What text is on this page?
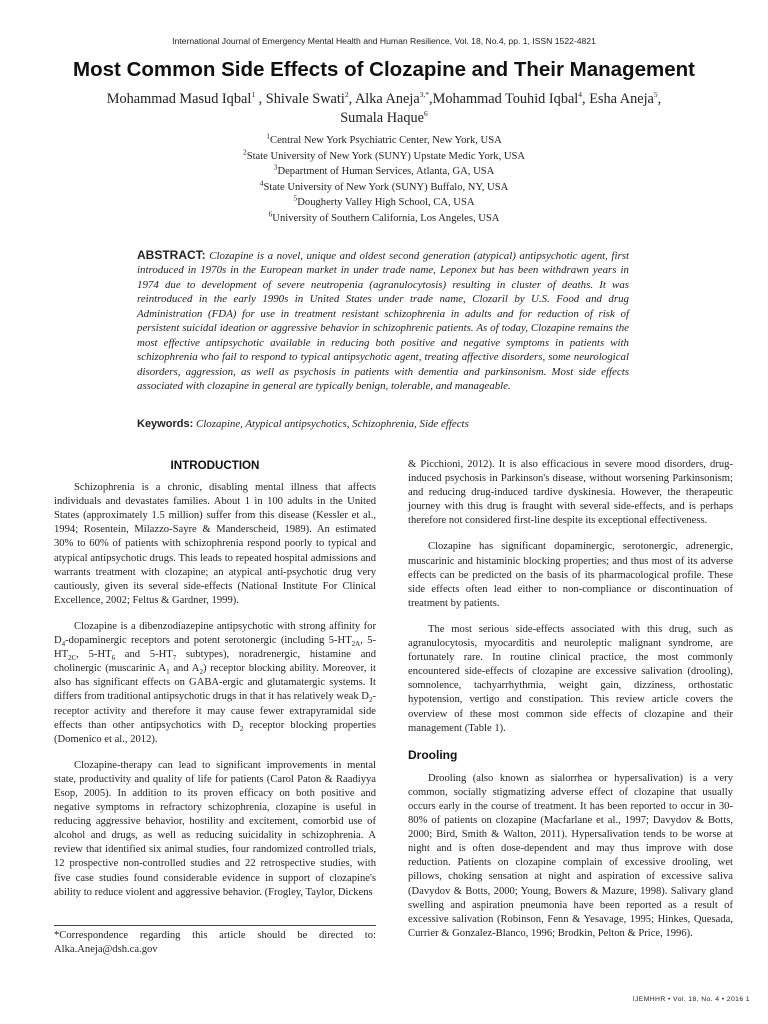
International Journal of Emergency Mental Health and Human Resilience, Vol. 18, No.4, pp. 1, ISSN 1522-4821
Most Common Side Effects of Clozapine and Their Management
Mohammad Masud Iqbal$^1$ , Shivale Swati$^2$, Alka Aneja$^{3,*}$,Mohammad Touhid Iqbal$^4$, Esha Aneja$^5$,
Sumala Haque$^6$
$^1$Central New York Psychiatric Center, New York, USA
$^2$State University of New York (SUNY) Upstate Medic York, USA
$^3$Department of Human Services, Atlanta, GA, USA
$^4$State University of New York (SUNY) Buffalo, NY, USA
$^5$Dougherty Valley High School, CA, USA
$^6$University of Southern California, Los Angeles, USA
ABSTRACT: Clozapine is a novel, unique and oldest second generation (atypical) antipsychotic agent, first introduced in 1970s in the European market in under trade name, Leponex but has been withdrawn years in 1974 due to development of severe neutropenia (agranulocytosis) resulting in cluster of deaths. It was reintroduced in the early 1990s in United States under trade name, Clozaril by U.S. Food and drug Administration (FDA) for use in treatment resistant schizophrenia in adults and for reduction of risk of persistent suicidal ideation or aggressive behavior in schizophrenic patients. As of today, Clozapine remains the most effective antipsychotic available in reducing both positive and negative symptoms in patients with schizophrenia who fail to respond to typical antipsychotic agent, treating affective disorders, some neurological disorders, aggression, as well as psychosis in patients with dementia and parkinsonism. Most side effects associated with clozapine in general are typically benign, tolerable, and manageable.
Keywords: Clozapine, Atypical antipsychotics, Schizophrenia, Side effects
INTRODUCTION

Schizophrenia is a chronic, disabling mental illness that affects individuals and devastates families. About 1 in 100 adults in the United States (approximately 1.5 million) suffer from this disease (Kessler et al., 1994; Rosentein, Milazzo-Sayre & Manderscheid, 1989). An estimated 30% to 60% of patients with schizophrenia respond poorly to typical and atypical antipsychotic drugs. This leads to repeated hospital admissions and warrants treatment with clozapine; an atypical anti-psychotic drug very cautiously, given its several side-effects (National Institute For Clinical Excellence, 2002; Feltus & Gardner, 1999).

Clozapine is a dibenzodiazepine antipsychotic with strong affinity for $D_4$-dopaminergic receptors and potent serotonergic (including $5-HT_{2A}$, $5-HT_{2C}$, $5-HT_6$ and $5-HT_7$ subtypes), noradrenergic, histamine and cholinergic (muscarinic $A_1$ and $A_2$) receptor blocking ability. Moreover, it also has significant effects on GABA-ergic and glutamatergic systems. It differs from traditional antipsychotic drugs in that it has relatively weak $D_2$-receptor activity and therefore it may cause fewer extrapyramidal side effects than other antipsychotics with $D_2$ receptor blocking properties (Domenico et al., 2012).

Clozapine-therapy can lead to significant improvements in mental state, productivity and quality of life for patients (Carol Paton & Raadiyya Esop, 2005). In addition to its proven efficacy on both positive and negative symptoms in refractory schizophrenia, clozapine is useful in reducing aggressive behavior, hostility and excitement, comorbid use of alcohol and drugs, as well as reducing suicidality in schizophrenia. A review that identified six animal studies, four randomized controlled trials, 12 prospective non-controlled studies and 22 retrospective studies, with five case studies found considerable evidence in support of clozapine's ability to reduce violent and aggressive behavior. (Frogley, Taylor, Dickens

& Picchioni, 2012). It is also efficacious in severe mood disorders, drug-induced psychosis in Parkinson's disease, without worsening Parkinsonism; and reducing drug-induced tardive dyskinesia. However, the therapeutic journey with this drug is fraught with several side-effects, and is perhaps therefore not considered first-line despite its exceptional effectiveness.

Clozapine has significant dopaminergic, serotonergic, adrenergic, muscarinic and histaminic blocking properties; and thus most of its adverse effects can be predicted on the basis of its pharmacological profile. These side effects often lead either to non-compliance or discontinuation of treatment by patients.

The most serious side-effects associated with this drug, such as agranulocytosis, myocarditis and neuroleptic malignant syndrome, are fortunately rare. In routine clinical practice, the most commonly encountered side-effects of clozapine are excessive salivation (drooling), somnolence, tachyarrhythmia, weight gain, dizziness, orthostatic hypotension, vertigo and constipation. This review article covers the overview of these most common side effects of clozapine and their management (Table 1).

Drooling

Drooling (also known as sialorrhea or hypersalivation) is a very common, socially stigmatizing adverse effect of clozapine that usually occurs early in the course of treatment. It has been reported to occur in 30-80% of patients on clozapine (Macfarlane et al., 1997; Davydov & Botts, 2000; Bird, Smith & Walton, 2011). Hypersalivation tends to be worse at night and is often dose-dependent and may thus improve with dose reduction. Patients on clozapine complain of excessive drooling, wet pillows, choking sensation at night and aspiration of excessive saliva (Davydov & Botts, 2000; Young, Bowers & Mazure, 1998). Salivary gland swelling and aspiration pneumonia have been reported as a result of excessive salivation (Robinson, Fenn & Yesavage, 1995; Hinkes, Quesada, Currier & Gonzalez-Blanco, 1996; Brodkin, Pelton & Price, 1996).

*Correspondence regarding this article should be directed to: Alka.Aneja@dsh.ca.gov
IJEMHHR • Vol. 18, No. 4 • 2016 1
